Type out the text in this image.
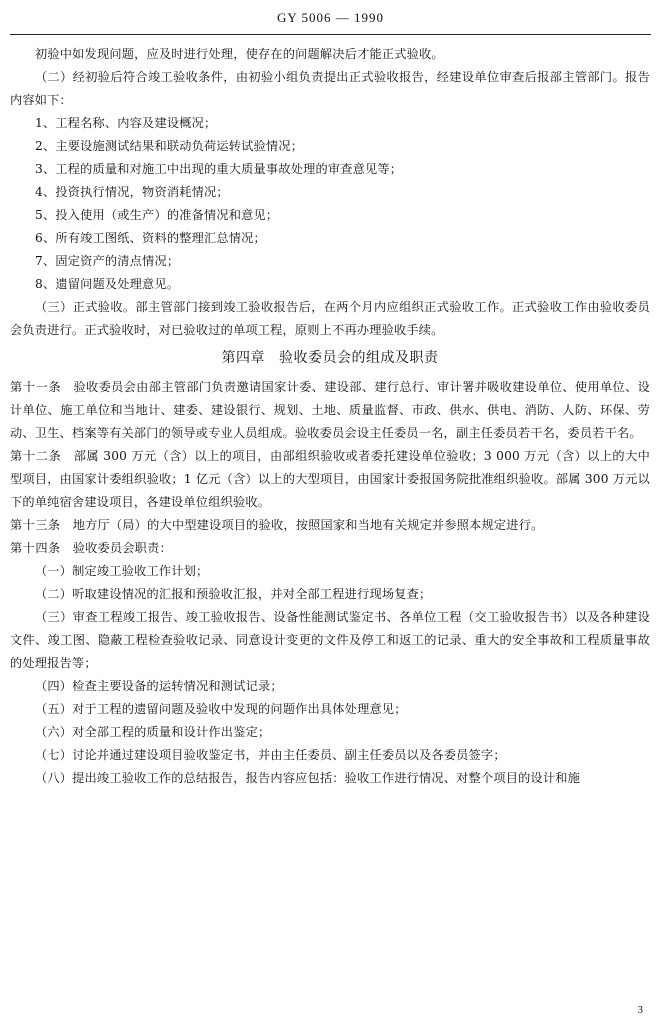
GY 5006 — 1990

初验中如发现问题，应及时进行处理，使存在的问题解决后才能正式验收。

（二）经初验后符合竣工验收条件，由初验小组负责提出正式验收报告，经建设单位审查后报部主管部门。报告内容如下：

1、工程名称、内容及建设概况；

2、主要设施测试结果和联动负荷运转试验情况；

3、工程的质量和对施工中出现的重大质量事故处理的审查意见等；

4、投资执行情况，物资消耗情况；

5、投入使用（或生产）的准备情况和意见；

6、所有竣工图纸、资料的整理汇总情况；

7、固定资产的清点情况；

8、遗留问题及处理意见。

（三）正式验收。部主管部门接到竣工验收报告后，在两个月内应组织正式验收工作。正式验收工作由验收委员会负责进行。正式验收时，对已验收过的单项工程，原则上不再办理验收手续。

第四章 验收委员会的组成及职责

第十一条 验收委员会由部主管部门负责邀请国家计委、建设部、建行总行、审计署并吸收建设单位、使用单位、设计单位、施工单位和当地计、建委、建设银行、规划、土地、质量监督、市政、供水、供电、消防、人防、环保、劳动、卫生、档案等有关部门的领导或专业人员组成。验收委员会设主任委员一名，副主任委员若干名，委员若干名。

第十二条 部属 300 万元（含）以上的项目，由部组织验收或者委托建设单位验收；3 000 万元（含）以上的大中型项目，由国家计委组织验收；1 亿元（含）以上的大型项目，由国家计委报国务院批准组织验收。部属 300 万元以下的单纯宿舍建设项目，各建设单位组织验收。

第十三条 地方厅（局）的大中型建设项目的验收，按照国家和当地有关规定并参照本规定进行。

第十四条 验收委员会职责：

（一）制定竣工验收工作计划；

（二）听取建设情况的汇报和预验收汇报，并对全部工程进行现场复查；

（三）审查工程竣工报告、竣工验收报告、设备性能测试鉴定书、各单位工程（交工验收报告书）以及各种建设文件、竣工图、隐蔽工程检查验收记录、同意设计变更的文件及停工和返工的记录、重大的安全事故和工程质量事故的处理报告等；

（四）检查主要设备的运转情况和测试记录；

（五）对于工程的遗留问题及验收中发现的问题作出具体处理意见；

（六）对全部工程的质量和设计作出鉴定；

（七）讨论并通过建设项目验收鉴定书，并由主任委员、副主任委员以及各委员签字；

（八）提出竣工验收工作的总结报告，报告内容应包括：验收工作进行情况、对整个项目的设计和施

3
